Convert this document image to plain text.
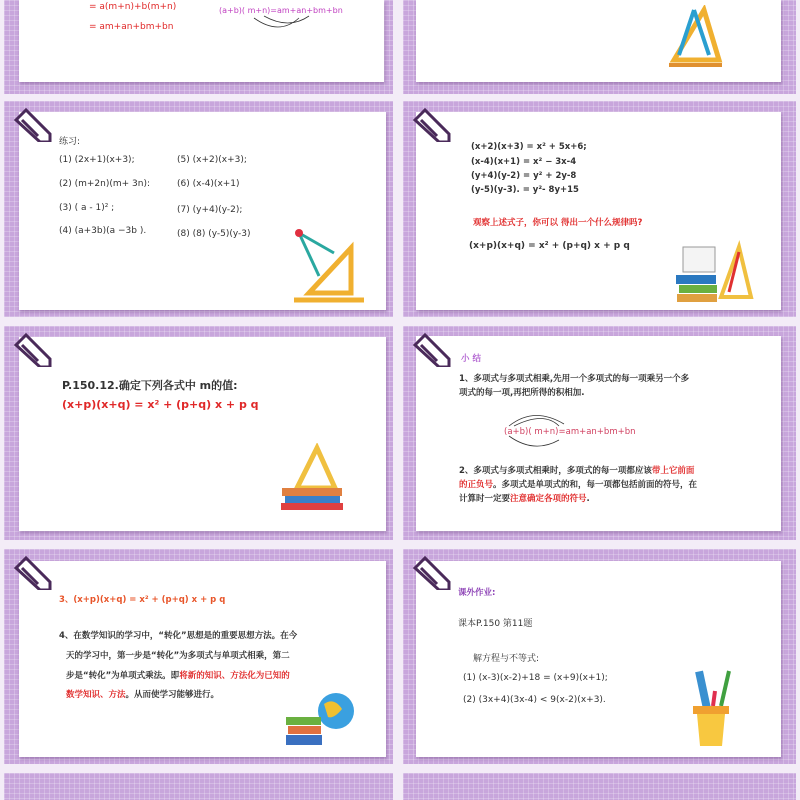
= a(m+n)+b(m+n)
= am+an+bm+bn
(a+b)( m+n)=am+an+bm+bn
练习:
(1) (2x+1)(x+3);
(2) (m+2n)(m+ 3n):
(3) ( a - 1)² ;
(4) (a+3b)(a −3b ).
(5) (x+2)(x+3);
(6) (x-4)(x+1)
(7) (y+4)(y-2);
(8) (8) (y-5)(y-3)
(x+2)(x+3) = x² + 5x+6;
(x-4)(x+1) = x² − 3x-4
(y+4)(y-2) = y² + 2y-8
(y-5)(y-3). = y²- 8y+15
观察上述式子，你可以 得出一个什么规律吗?
(x+p)(x+q) = x² + (p+q) x + p q
P.150.12.确定下列各式中 m的值:
(x+p)(x+q) = x² + (p+q) x + p q
小 结
1、多项式与多项式相乘,先用一个多项式的每一项乘另一个多
项式的每一项,再把所得的积相加.
(a+b)( m+n)=am+an+bm+bn
2、多项式与多项式相乘时，多项式的每一项都应该带上它前面
的正负号。多项式是单项式的和，每一项都包括前面的符号，在
计算时一定要注意确定各项的符号.
3、(x+p)(x+q) = x² + (p+q) x + p q
4、在数学知识的学习中，“转化”思想是的重要思想方法。在今
天的学习中，第一步是“转化”为多项式与单项式相乘，第二
步是“转化”为单项式乘法。即将新的知识、方法化为已知的
数学知识、方法。从而使学习能够进行。
课外作业:
课本P.150 第11题
解方程与不等式:
(1) (x-3)(x-2)+18 = (x+9)(x+1);
(2) (3x+4)(3x-4) < 9(x-2)(x+3).
